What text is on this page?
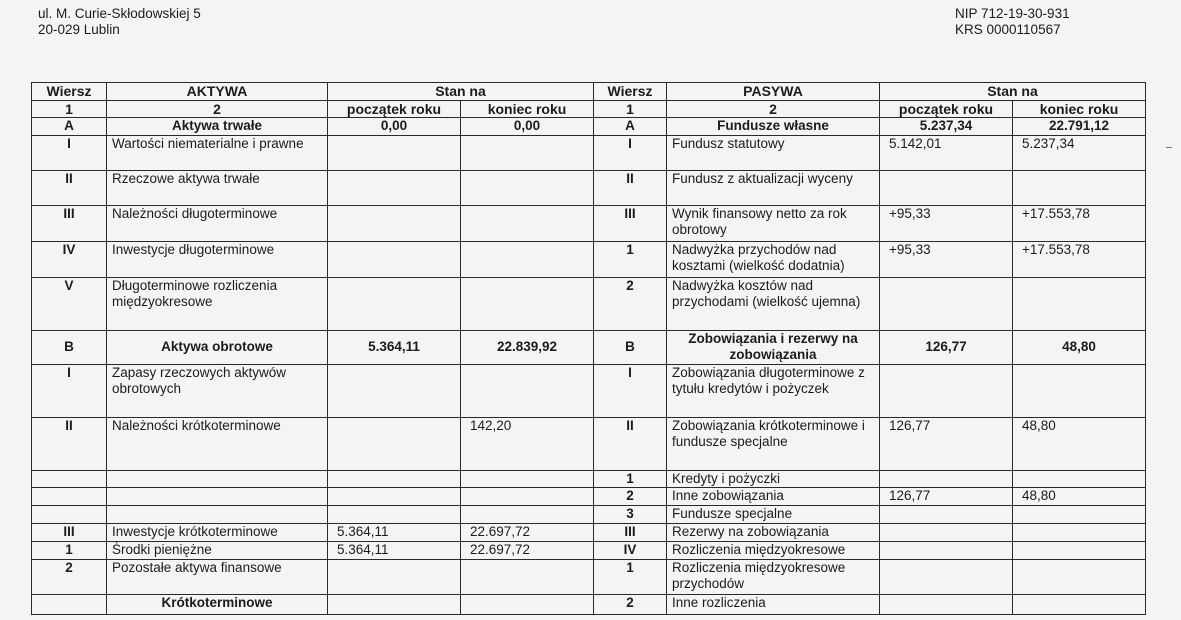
ul. M. Curie-Skłodowskiej 5
20-029 Lublin
NIP 712-19-30-931
KRS 0000110567
Wiersz	AKTYWA	Stan na		Wiersz	PASYWA	Stan na	
1	2	początek roku	koniec roku	1	2	początek roku	koniec roku
A	Aktywa trwałe	0,00	0,00	A	Fundusze własne	5.237,34	22.791,12
I	Wartości niematerialne i prawne			I	Fundusz statutowy	5.142,01	5.237,34
II	Rzeczowe aktywa trwałe			II	Fundusz z aktualizacji wyceny		
III	Należności długoterminowe			III	Wynik finansowy netto za rok obrotowy	+95,33	+17.553,78
IV	Inwestycje długoterminowe			1	Nadwyżka przychodów nad kosztami (wielkość dodatnia)	+95,33	+17.553,78
V	Długoterminowe rozliczenia międzyokresowe			2	Nadwyżka kosztów nad przychodami (wielkość ujemna)		
B	Aktywa obrotowe	5.364,11	22.839,92	B	Zobowiązania i rezerwy na zobowiązania	126,77	48,80
I	Zapasy rzeczowych aktywów obrotowych			I	Zobowiązania długoterminowe z tytułu kredytów i pożyczek		
II	Należności krótkoterminowe		142,20	II	Zobowiązania krótkoterminowe i fundusze specjalne	126,77	48,80
				1	Kredyty i pożyczki		
				2	Inne zobowiązania	126,77	48,80
				3	Fundusze specjalne		
III	Inwestycje krótkoterminowe	5.364,11	22.697,72	III	Rezerwy na zobowiązania		
1	Środki pieniężne	5.364,11	22.697,72	IV	Rozliczenia międzyokresowe		
2	Pozostałe aktywa finansowe			1	Rozliczenia międzyokresowe przychodów		
	Krótkoterminowe			2	Inne rozliczenia		
